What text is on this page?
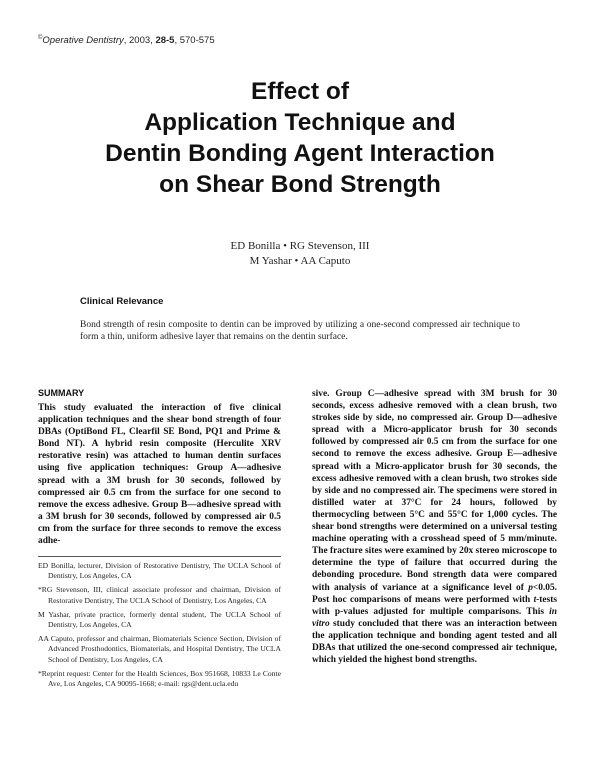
©Operative Dentistry, 2003, 28-5, 570-575
Effect of
Application Technique and
Dentin Bonding Agent Interaction
on Shear Bond Strength
ED Bonilla • RG Stevenson, III
M Yashar • AA Caputo
Clinical Relevance

Bond strength of resin composite to dentin can be improved by utilizing a one-second compressed air technique to form a thin, uniform adhesive layer that remains on the dentin surface.

SUMMARY

This study evaluated the interaction of five clinical application techniques and the shear bond strength of four DBAs (OptiBond FL, Clearfil SE Bond, PQ1 and Prime & Bond NT). A hybrid resin composite (Herculite XRV restorative resin) was attached to human dentin surfaces using five application techniques: Group A—adhesive spread with a 3M brush for 30 seconds, followed by compressed air 0.5 cm from the surface for one second to remove the excess adhesive. Group B—adhesive spread with a 3M brush for 30 seconds, followed by compressed air 0.5 cm from the surface for three seconds to remove the excess adhe-

sive. Group C—adhesive spread with 3M brush for 30 seconds, excess adhesive removed with a clean brush, two strokes side by side, no compressed air. Group D—adhesive spread with a Micro-applicator brush for 30 seconds followed by compressed air 0.5 cm from the surface for one second to remove the excess adhesive. Group E—adhesive spread with a Micro-applicator brush for 30 seconds, the excess adhesive removed with a clean brush, two strokes side by side and no compressed air. The specimens were stored in distilled water at 37°C for 24 hours, followed by thermocycling between 5°C and 55°C for 1,000 cycles. The shear bond strengths were determined on a universal testing machine operating with a crosshead speed of 5 mm/minute. The fracture sites were examined by 20x stereo microscope to determine the type of failure that occurred during the debonding procedure. Bond strength data were compared with analysis of variance at a significance level of p<0.05. Post hoc comparisons of means were performed with t-tests with p-values adjusted for multiple comparisons. This in vitro study concluded that there was an interaction between the application technique and bonding agent tested and all DBAs that utilized the one-second compressed air technique, which yielded the highest bond strengths.

ED Bonilla, lecturer, Division of Restorative Dentistry, The UCLA School of Dentistry, Los Angeles, CA

*RG Stevenson, III, clinical associate professor and chairman, Division of Restorative Dentistry, The UCLA School of Dentistry, Los Angeles, CA

M Yashar, private practice, formerly dental student, The UCLA School of Dentistry, Los Angeles, CA

AA Caputo, professor and chairman, Biomaterials Science Section, Division of Advanced Prosthodontics, Biomaterials, and Hospital Dentistry, The UCLA School of Dentistry, Los Angeles, CA

*Reprint request: Center for the Health Sciences, Box 951668, 10833 Le Conte Ave, Los Angeles, CA 90095-1668; e-mail: rgs@dent.ucla.edu
